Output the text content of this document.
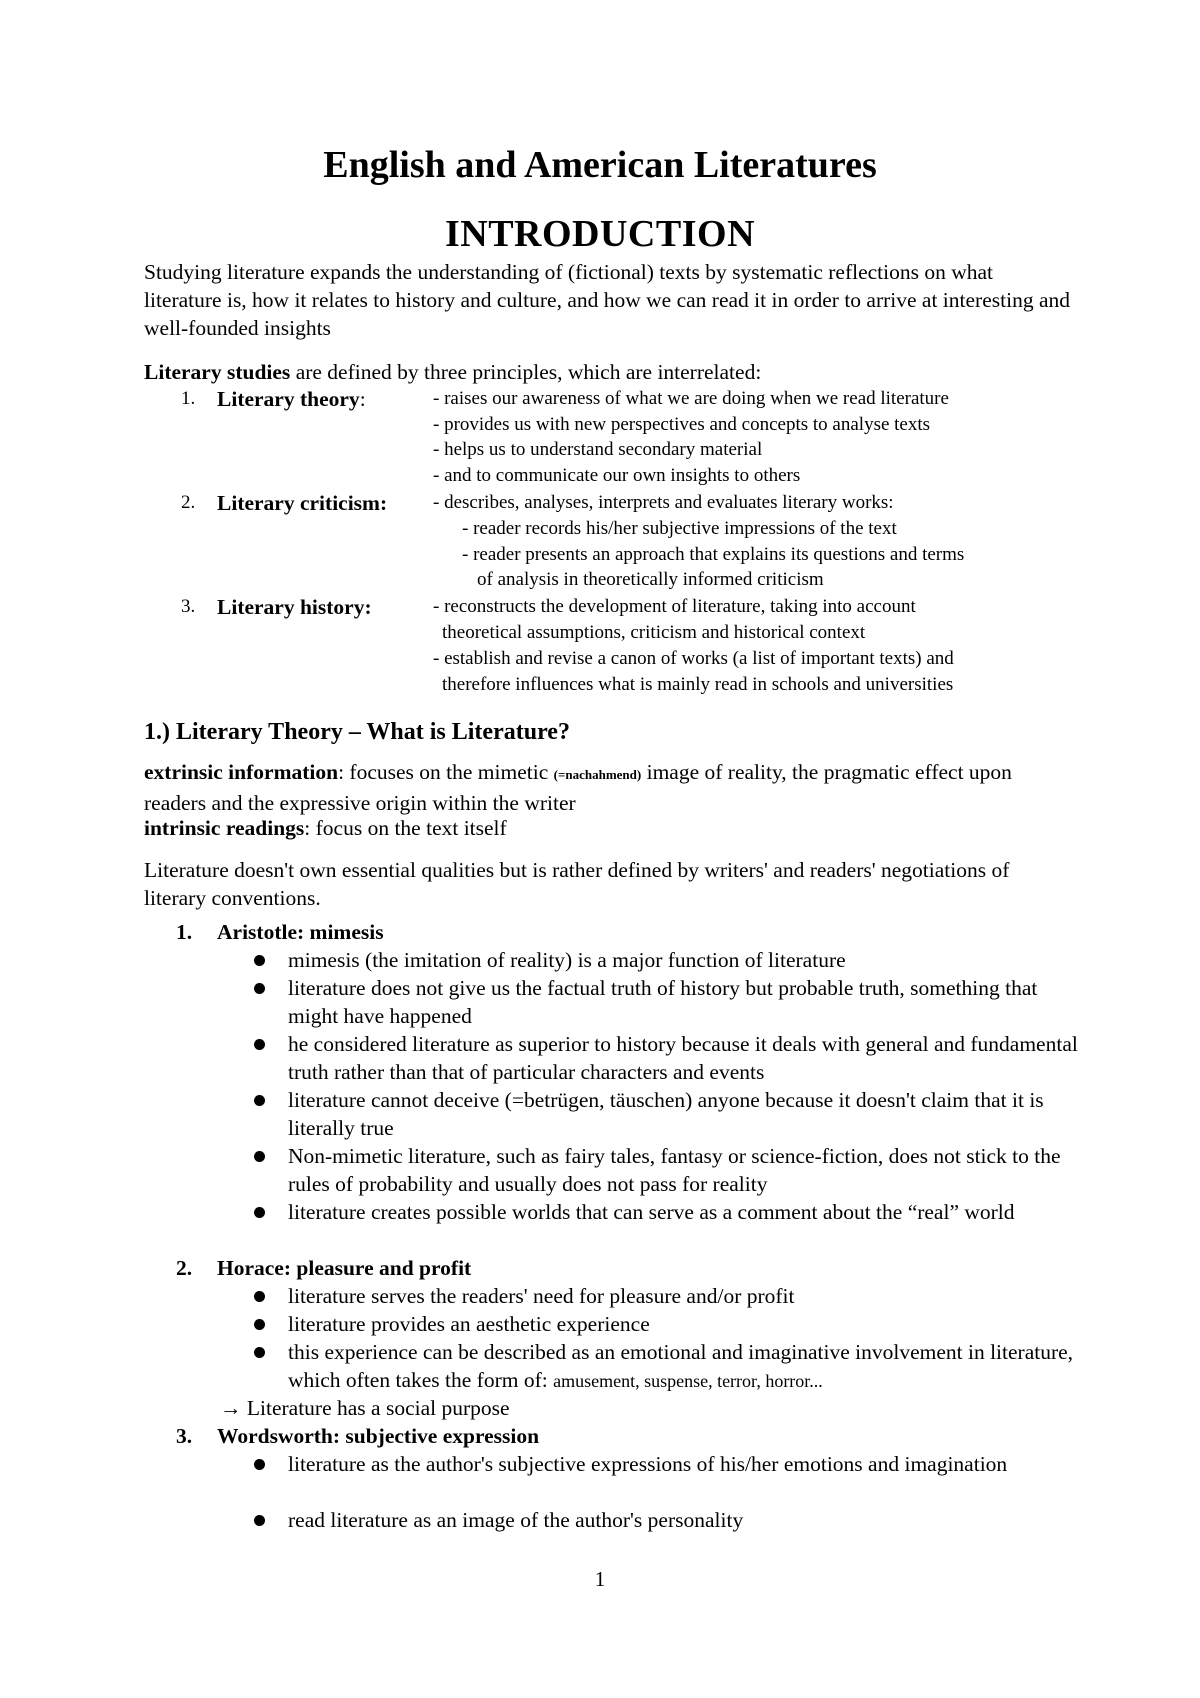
English and American Literatures
INTRODUCTION

Studying literature expands the understanding of (fictional) texts by systematic reflections on what literature is, how it relates to history and culture, and how we can read it in order to arrive at interesting and well-founded insights

Literary studies are defined by three principles, which are interrelated:

1. Literary theory:	- raises our awareness of what we are doing when we read literature
- provides us with new perspectives and concepts to analyse texts
- helps us to understand secondary material
- and to communicate our own insights to others
2. Literary criticism: - describes, analyses, interprets and evaluates literary works:
- reader records his/her subjective impressions of the text
- reader presents an approach that explains its questions and terms
of analysis in theoretically informed criticism
3. Literary history:	- reconstructs the development of literature, taking into account
theoretical assumptions, criticism and historical context
- establish and revise a canon of works (a list of important texts) and
therefore influences what is mainly read in schools and universities
1.) Literary Theory – What is Literature?

extrinsic information: focuses on the mimetic (=nachahmend) image of reality, the pragmatic effect upon readers and the expressive origin within the writer

intrinsic readings: focus on the text itself

Literature doesn't own essential qualities but is rather defined by writers' and readers' negotiations of literary conventions.

1. Aristotle: mimesis
mimesis (the imitation of reality) is a major function of literature
literature does not give us the factual truth of history but probable truth, something that might have happened
he considered literature as superior to history because it deals with general and fundamental truth rather than that of particular characters and events
literature cannot deceive (=betrügen, täuschen) anyone because it doesn't claim that it is literally true
Non-mimetic literature, such as fairy tales, fantasy or science-fiction, does not stick to the rules of probability and usually does not pass for reality
literature creates possible worlds that can serve as a comment about the “real” world
2. Horace: pleasure and profit
literature serves the readers' need for pleasure and/or profit
literature provides an aesthetic experience
this experience can be described as an emotional and imaginative involvement in literature, which often takes the form of: amusement, suspense, terror, horror...
→ Literature has a social purpose
3. Wordsworth: subjective expression
literature as the author's subjective expressions of his/her emotions and imagination
read literature as an image of the author's personality
1
